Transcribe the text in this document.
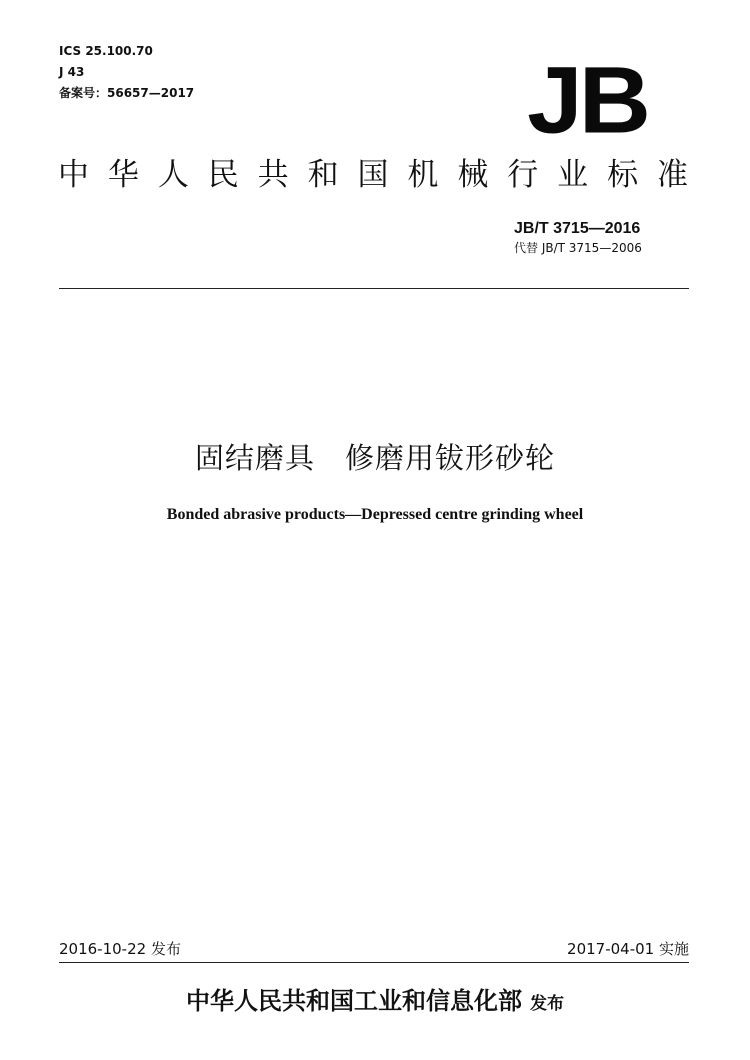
ICS 25.100.70
J 43
备案号：56657—2017	JB
中华人民共和国机械行业标准
JB/T 3715—2016
代替 JB/T 3715—2006
固结磨具　修磨用钹形砂轮
Bonded abrasive products—Depressed centre grinding wheel
2016-10-22 发布	2017-04-01 实施
中华人民共和国工业和信息化部 发布
